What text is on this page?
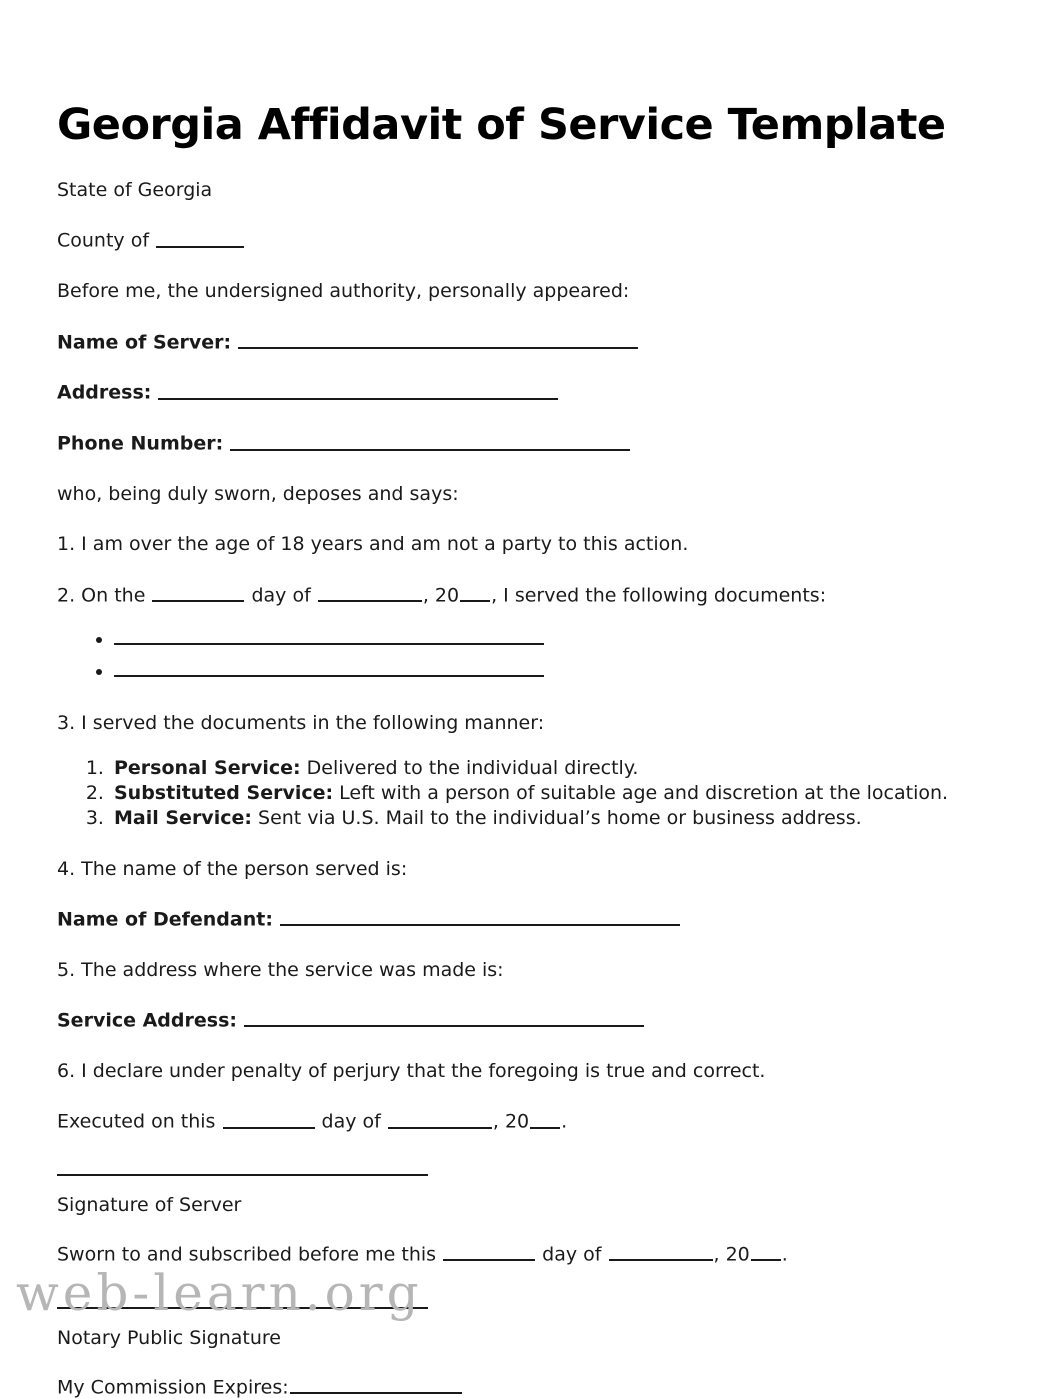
Georgia Affidavit of Service Template

State of Georgia

County of

Before me, the undersigned authority, personally appeared:

Name of Server:

Address:

Phone Number:

who, being duly sworn, deposes and says:

1. I am over the age of 18 years and am not a party to this action.

2. On the	day of	, 20 , I served the following documents:

•
•

3. I served the documents in the following manner:

1. Personal Service: Delivered to the individual directly.
2. Substituted Service: Left with a person of suitable age and discretion at the location.
3. Mail Service: Sent via U.S. Mail to the individual’s home or business address.

4. The name of the person served is:

Name of Defendant:

5. The address where the service was made is:

Service Address:

6. I declare under penalty of perjury that the foregoing is true and correct.

Executed on this	day of	, 20 .

Signature of Server

Sworn to and subscribed before me this	day of	, 20 .

Notary Public Signature

My Commission Expires:

web-learn.org
